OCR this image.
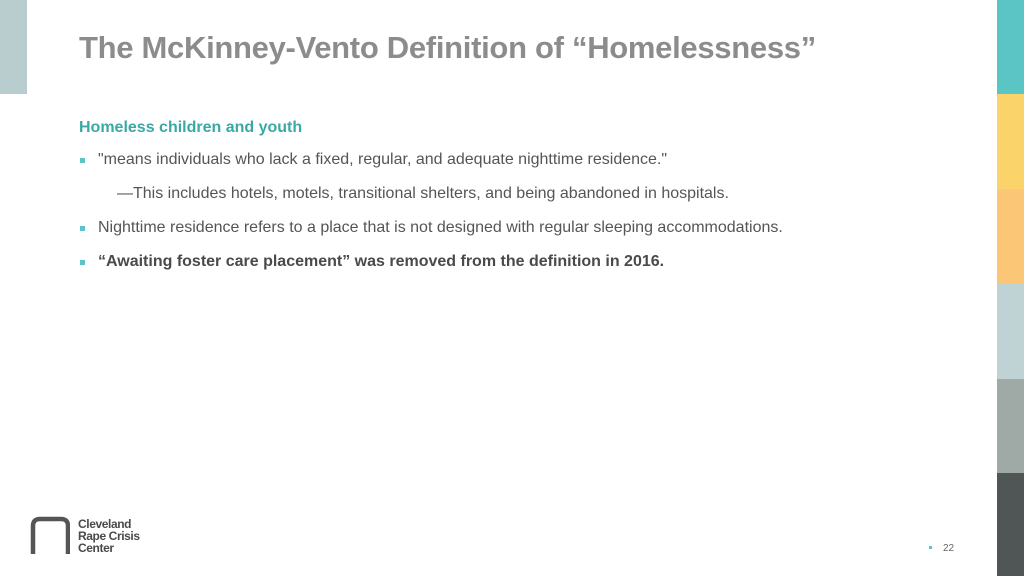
The McKinney-Vento Definition of “Homelessness”
Homeless children and youth
"means individuals who lack a fixed, regular, and adequate nighttime residence."
—This includes hotels, motels, transitional shelters, and being abandoned in hospitals.
Nighttime residence refers to a place that is not designed with regular sleeping accommodations.
“Awaiting foster care placement” was removed from the definition in 2016.
Cleveland
Rape Crisis
Center	22
